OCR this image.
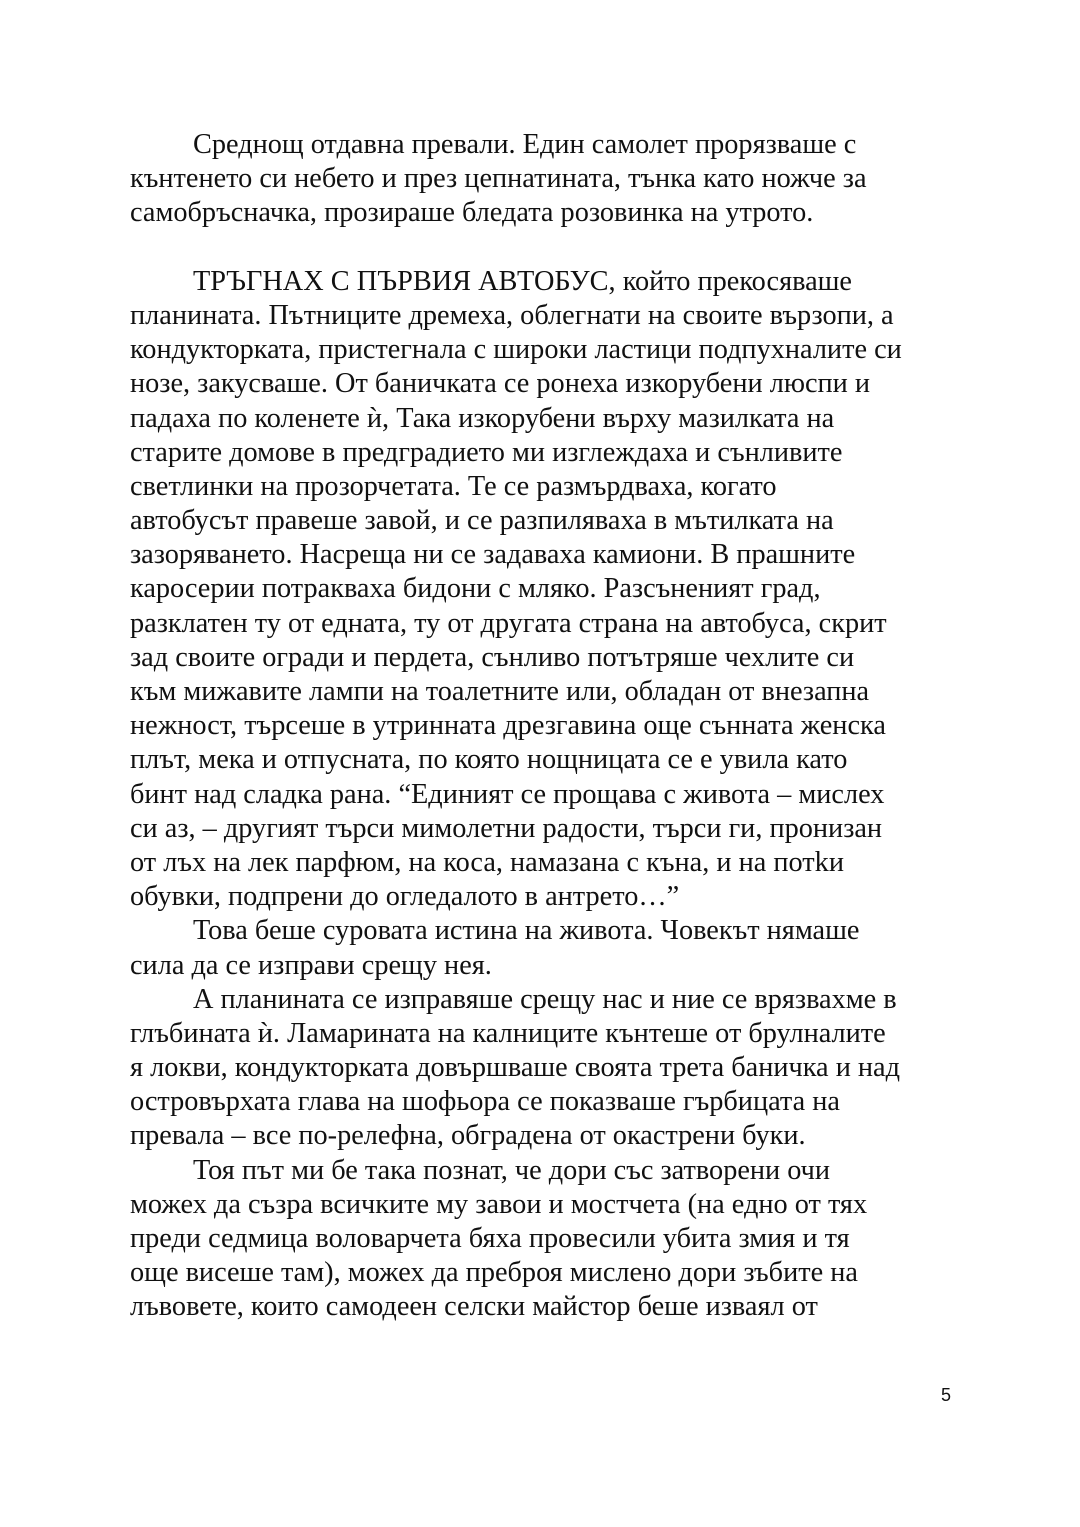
Среднощ отдавна превали. Един самолет прорязваше с
кънтенето си небето и през цепнатината, тънка като ножче за
самобръсначка, прозираше бледата розовинка на утрото.
ТРЪГНАХ С ПЪРВИЯ АВТОБУС, който прекосяваше
планината. Пътниците дремеха, облегнати на своите вързопи, а
кондукторката, пристегнала с широки ластици подпухналите си
нозе, закусваше. От баничката се ронеха изкорубени люспи и
падаха по коленете ѝ, Така изкорубени върху мазилката на
старите домове в предградието ми изглеждаха и сънливите
светлинки на прозорчетата. Те се размърдваха, когато
автобусът правеше завой, и се разпиляваха в мътилката на
зазоряването. Насреща ни се задаваха камиони. В прашните
каросерии потракваха бидони с мляко. Разсъненият град,
разклатен ту от едната, ту от другата страна на автобуса, скрит
зад своите огради и пердета, сънливо потътряше чехлите си
към мижавите лампи на тоалетните или, обладан от внезапна
нежност, търсеше в утринната дрезгавина още сънната женска
плът, мека и отпусната, по която нощницата се е увила като
бинт над сладка рана. “Единият се прощава с живота – мислех
си аз, – другият търси мимолетни радости, търси ги, пронизан
от лъх на лек парфюм, на коса, намазана с къна, и на потkи
обувки, подпрени до огледалото в антрето…”
Това беше суровата истина на живота. Човекът нямаше
сила да се изправи срещу нея.
А планината се изправяше срещу нас и ние се врязвахме в
глъбината ѝ. Ламарината на калниците кънтеше от брулналите
я локви, кондукторката довършваше своята трета баничка и над
островърхата глава на шофьора се показваше гърбицата на
превала – все по-релефна, обградена от окастрени буки.
Тоя път ми бе така познат, че дори със затворени очи
можех да съзра всичките му завои и мостчета (на едно от тях
преди седмица воловарчета бяха провесили убита змия и тя
още висеше там), можех да преброя мислено дори зъбите на
лъвовете, които самодеен селски майстор беше изваял от
5
